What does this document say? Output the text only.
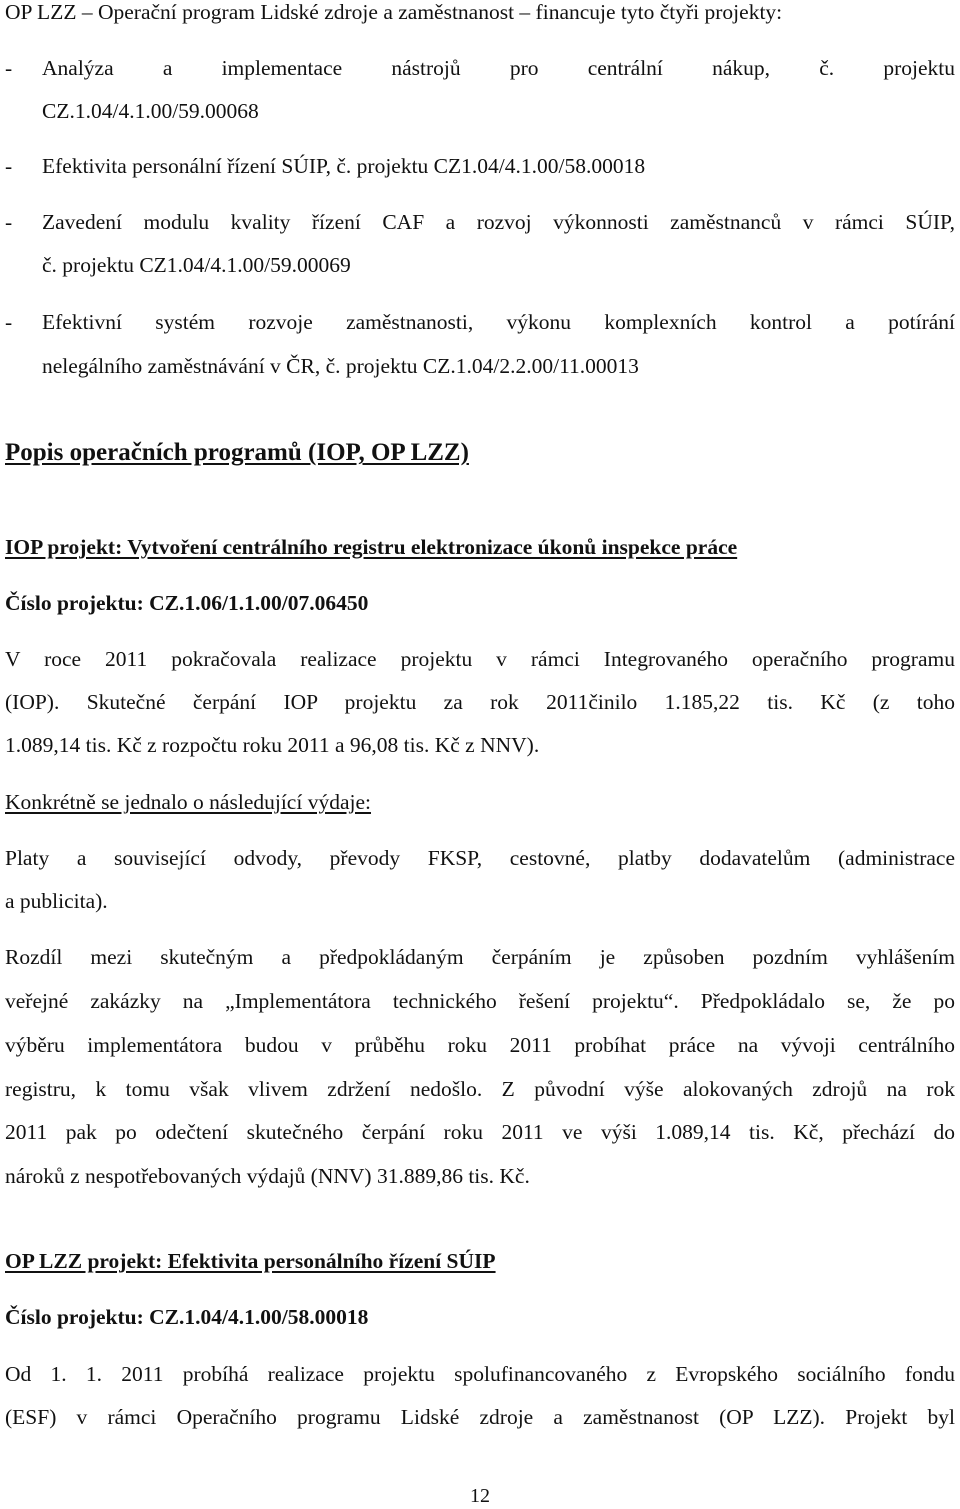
OP LZZ – Operační program Lidské zdroje a zaměstnanost – financuje tyto čtyři projekty:
- Analýza a implementace nástrojů pro centrální nákup, č. projektu
CZ.1.04/4.1.00/59.00068
- Efektivita personální řízení SÚIP, č. projektu CZ1.04/4.1.00/58.00018
- Zavedení modulu kvality řízení CAF a rozvoj výkonnosti zaměstnanců v rámci SÚIP,
č. projektu CZ1.04/4.1.00/59.00069
- Efektivní systém rozvoje zaměstnanosti, výkonu komplexních kontrol a potírání
nelegálního zaměstnávání v ČR, č. projektu CZ.1.04/2.2.00/11.00013
Popis operačních programů (IOP, OP LZZ)
IOP projekt: Vytvoření centrálního registru elektronizace úkonů inspekce práce
Číslo projektu: CZ.1.06/1.1.00/07.06450
V roce 2011 pokračovala realizace projektu v rámci Integrovaného operačního programu
(IOP). Skutečné čerpání IOP projektu za rok 2011činilo 1.185,22 tis. Kč (z toho
1.089,14 tis. Kč z rozpočtu roku 2011 a 96,08 tis. Kč z NNV).
Konkrétně se jednalo o následující výdaje:
Platy a související odvody, převody FKSP, cestovné, platby dodavatelům (administrace
a publicita).
Rozdíl mezi skutečným a předpokládaným čerpáním je způsoben pozdním vyhlášením
veřejné zakázky na „Implementátora technického řešení projektu“. Předpokládalo se, že po
výběru implementátora budou v průběhu roku 2011 probíhat práce na vývoji centrálního
registru, k tomu však vlivem zdržení nedošlo. Z původní výše alokovaných zdrojů na rok
2011 pak po odečtení skutečného čerpání roku 2011 ve výši 1.089,14 tis. Kč, přechází do
nároků z nespotřebovaných výdajů (NNV) 31.889,86 tis. Kč.
OP LZZ projekt: Efektivita personálního řízení SÚIP
Číslo projektu: CZ.1.04/4.1.00/58.00018
Od 1. 1. 2011 probíhá realizace projektu spolufinancovaného z Evropského sociálního fondu
(ESF) v rámci Operačního programu Lidské zdroje a zaměstnanost (OP LZZ). Projekt byl
12
